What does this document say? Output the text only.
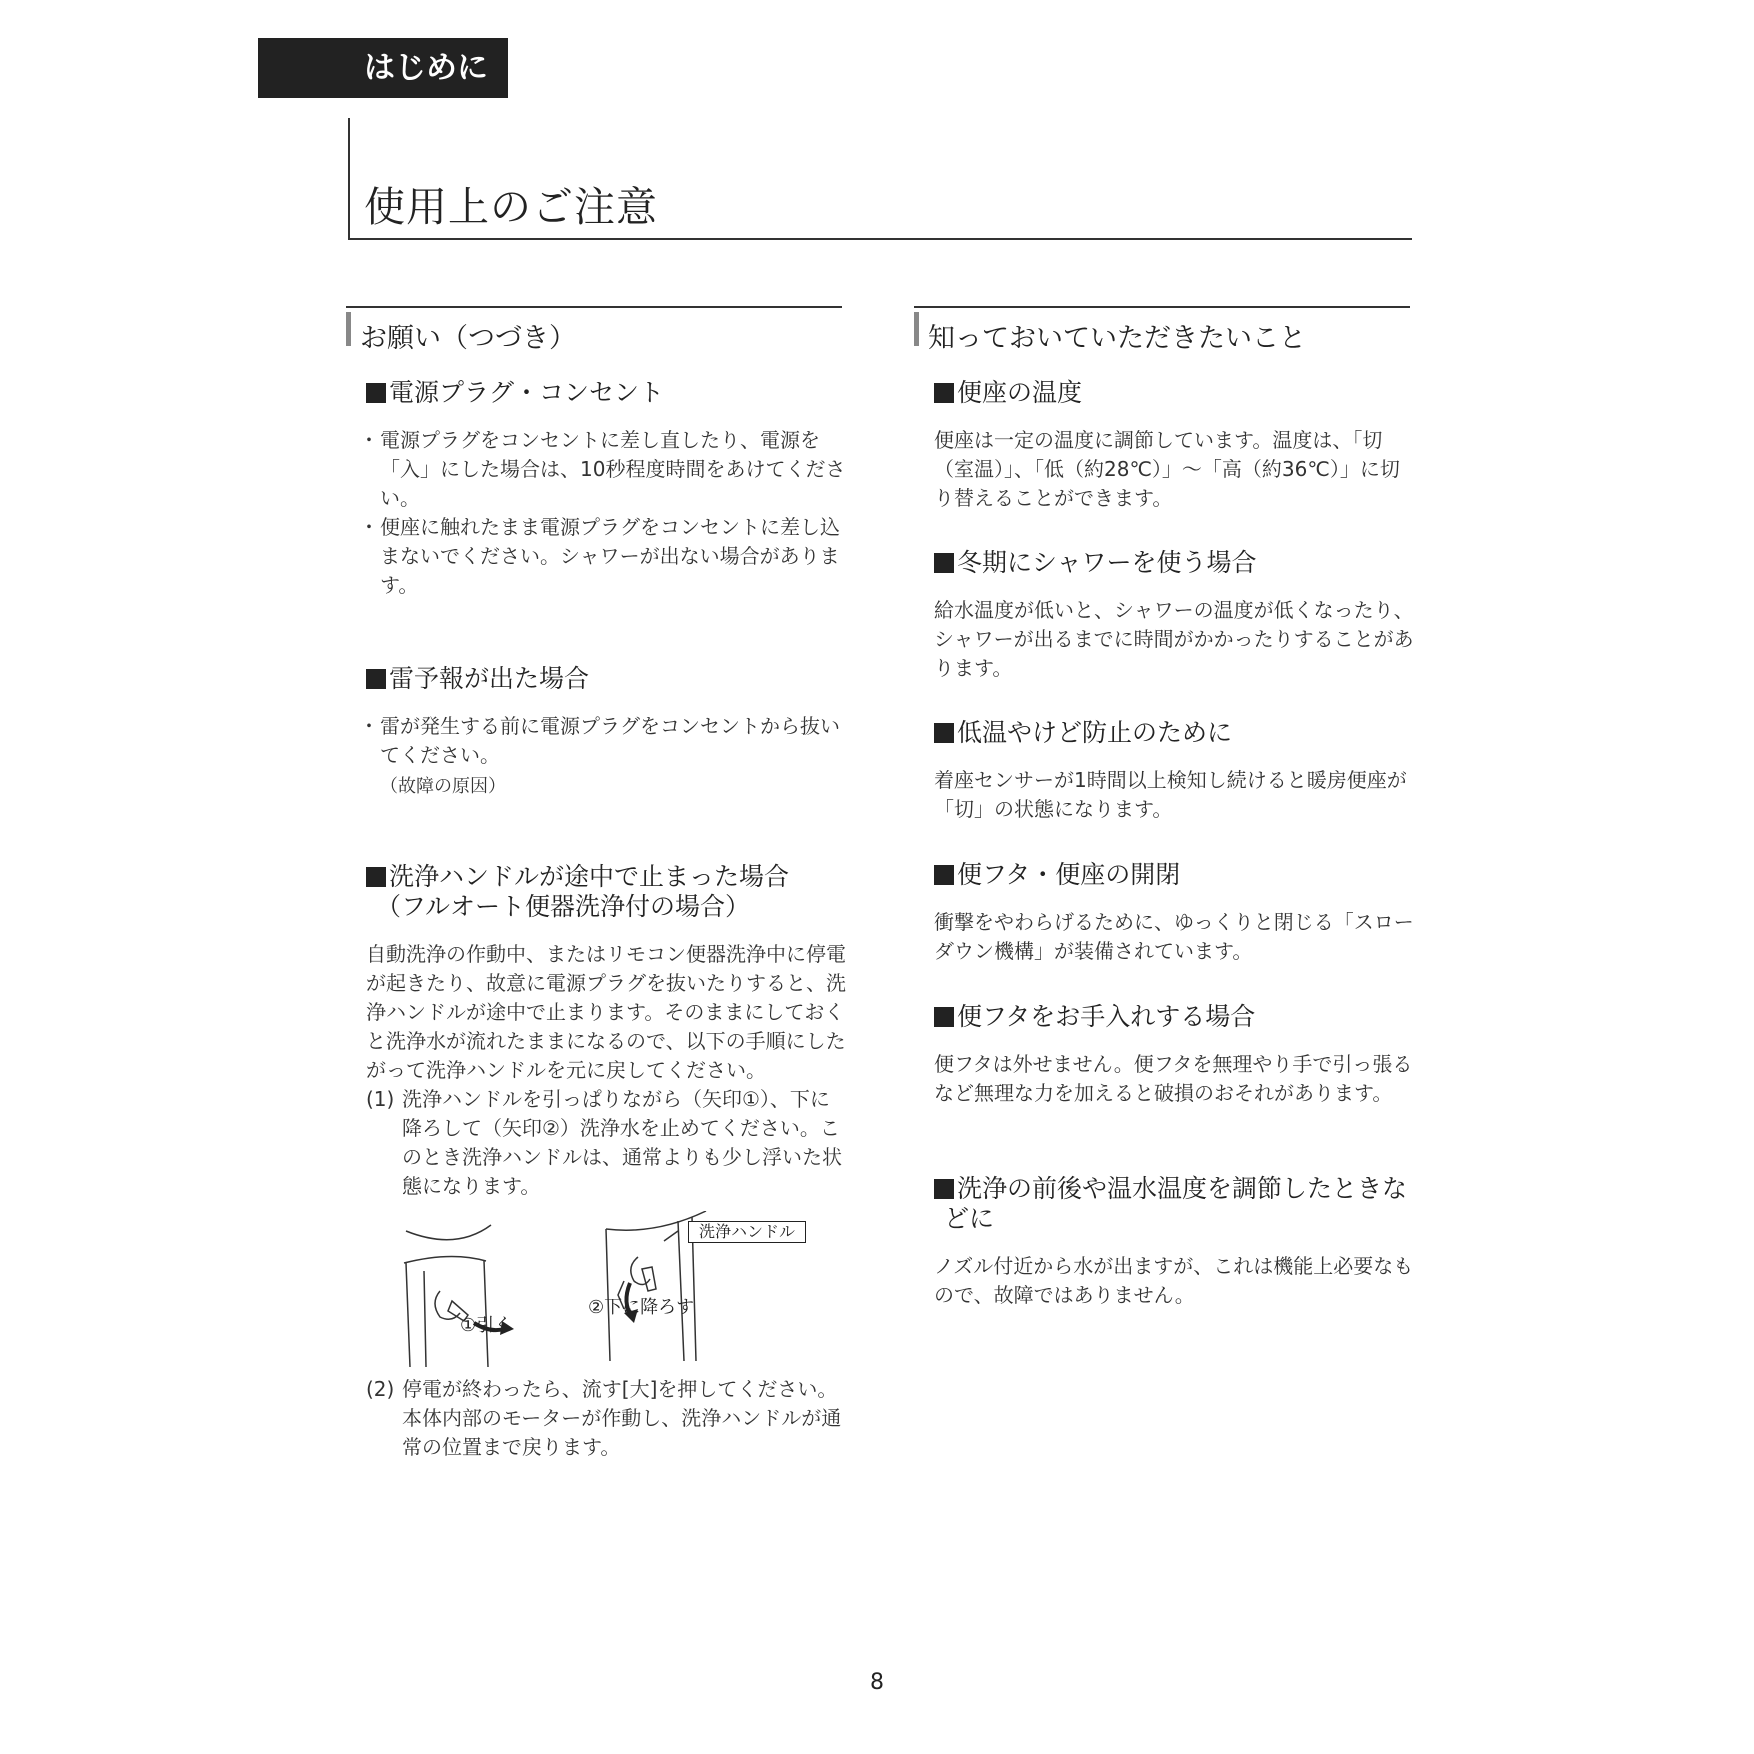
はじめに
使用上のご注意
お願い（つづき）
電源プラグ・コンセント
・ 電源プラグをコンセントに差し直したり、電源を「入」にした場合は、10秒程度時間をあけてください。
・ 便座に触れたまま電源プラグをコンセントに差し込まないでください。シャワーが出ない場合があります。
雷予報が出た場合
・ 雷が発生する前に電源プラグをコンセントから抜いてください。

（故障の原因）

洗浄ハンドルが途中で止まった場合
（フルオート便器洗浄付の場合）

自動洗浄の作動中、またはリモコン便器洗浄中に停電が起きたり、故意に電源プラグを抜いたりすると、洗浄ハンドルが途中で止まります。そのままにしておくと洗浄水が流れたままになるので、以下の手順にしたがって洗浄ハンドルを元に戻してください。

(1) 洗浄ハンドルを引っぱりながら（矢印①）、下に降ろして（矢印②）洗浄水を止めてください。このとき洗浄ハンドルは、通常よりも少し浮いた状態になります。
洗浄ハンドル
①引く
②下に降ろす
(2) 停電が終わったら、流す[大]を押してください。本体内部のモーターが作動し、洗浄ハンドルが通常の位置まで戻ります。
知っておいていただきたいこと
便座の温度

便座は一定の温度に調節しています。温度は、「切（室温）」、「低（約28℃）」〜「高（約36℃）」に切り替えることができます。

冬期にシャワーを使う場合

給水温度が低いと、シャワーの温度が低くなったり、シャワーが出るまでに時間がかかったりすることがあります。

低温やけど防止のために

着座センサーが1時間以上検知し続けると暖房便座が「切」の状態になります。

便フタ・便座の開閉

衝撃をやわらげるために、ゆっくりと閉じる「スローダウン機構」が装備されています。

便フタをお手入れする場合

便フタは外せません。便フタを無理やり手で引っ張るなど無理な力を加えると破損のおそれがあります。

洗浄の前後や温水温度を調節したときな
どに

ノズル付近から水が出ますが、これは機能上必要なもので、故障ではありません。

8
